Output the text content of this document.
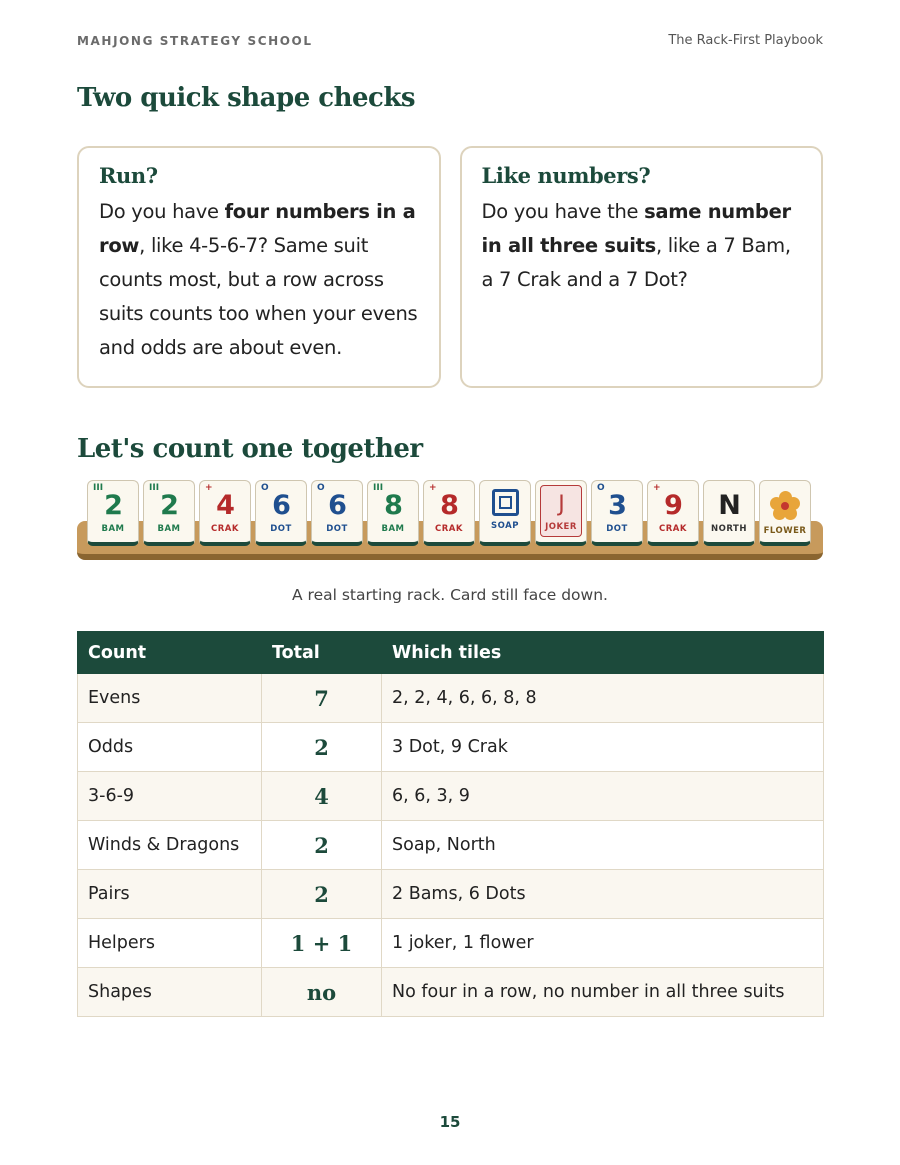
MAHJONG STRATEGY SCHOOL	The Rack-First Playbook
Two quick shape checks
Run?
Do you have four numbers in a row, like 4-5-6-7? Same suit counts most, but a row across suits counts too when your evens and odds are about even.
Like numbers?
Do you have the same number in all three suits, like a 7 Bam, a 7 Crak and a 7 Dot?
Let's count one together
III
2
BAM
III
2
BAM
+
4
CRAK
O
6
DOT
O
6
DOT
III
8
BAM
+
8
CRAK	SOAP
J
JOKER
O
3
DOT
+
9
CRAK
N
NORTH	FLOWER
A real starting rack. Card still face down.
Count	Total	Which tiles
Evens	7	2, 2, 4, 6, 6, 8, 8
Odds	2	3 Dot, 9 Crak
3-6-9	4	6, 6, 3, 9
Winds & Dragons	2	Soap, North
Pairs	2	2 Bams, 6 Dots
Helpers	1 + 1	1 joker, 1 flower
Shapes	no	No four in a row, no number in all three suits
15
